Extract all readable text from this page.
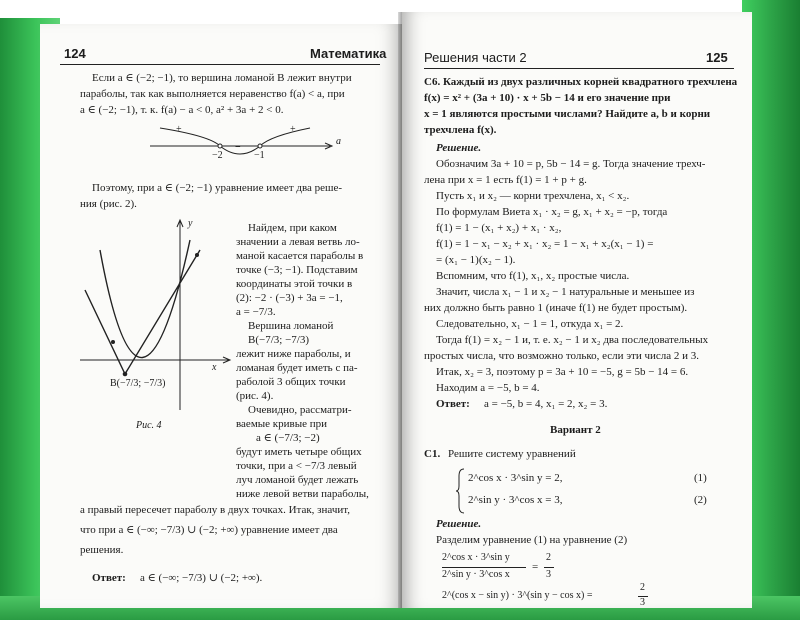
124	Математика
Если a ∈ (−2; −1), то вершина ломаной B лежит внутри
параболы, так как выполняется неравенство f(a) < a, при
a ∈ (−2; −1), т. к. f(a) − a < 0, a² + 3a + 2 < 0.
+	+
−
−2	−1
a
Поэтому, при a ∈ (−2; −1) уравнение имеет два реше-
ния (рис. 2).
y
x
B(−7/3; −7/3)
Рис. 4
Найдем, при каком
значении a левая ветвь ло-
маной касается параболы в
точке (−3; −1). Подставим
координаты этой точки в
(2): −2 · (−3) + 3a = −1,
a = −7/3.
Вершина ломаной
B(−7/3; −7/3)
лежит ниже параболы, и
ломаная будет иметь с па-
раболой 3 общих точки
(рис. 4).
Очевидно, рассматри-
ваемые кривые при
a ∈ (−7/3; −2)
будут иметь четыре общих
точки, при a < −7/3 левый
луч ломаной будет лежать
ниже левой ветви параболы,
а правый пересечет параболу в двух точках. Итак, значит,
что при a ∈ (−∞; −7/3) ∪ (−2; +∞) уравнение имеет два
решения.
Ответ: a ∈ (−∞; −7/3) ∪ (−2; +∞).
Решения части 2	125
С6. Каждый из двух различных корней квадратного трехчлена
f(x) = x² + (3a + 10) · x + 5b − 14 и его значение при
x = 1 являются простыми числами? Найдите a, b и корни
трехчлена f(x).
Решение.
Обозначим 3a + 10 = p, 5b − 14 = g. Тогда значение трехч-
лена при x = 1 есть f(1) = 1 + p + g.
Пусть x₁ и x₂ — корни трехчлена, x₁ < x₂.
По формулам Виета x₁ · x₂ = g, x₁ + x₂ = −p, тогда
f(1) = 1 − (x₁ + x₂) + x₁ · x₂,
f(1) = 1 − x₁ − x₂ + x₁ · x₂ = 1 − x₁ + x₂(x₁ − 1) =
= (x₁ − 1)(x₂ − 1).
Вспомним, что f(1), x₁, x₂ простые числа.
Значит, числа x₁ − 1 и x₂ − 1 натуральные и меньшее из
них должно быть равно 1 (иначе f(1) не будет простым).
Следовательно, x₁ − 1 = 1, откуда x₁ = 2.
Тогда f(1) = x₂ − 1 и, т. е. x₂ − 1 и x₂ два последовательных
простых числа, что возможно только, если эти числа 2 и 3.
Итак, x₂ = 3, поэтому p = 3a + 10 = −5, g = 5b − 14 = 6.
Находим a = −5, b = 4.
Ответ: a = −5, b = 4, x₁ = 2, x₂ = 3.
Вариант 2
С1. Решите систему уравнений
2^cos x · 3^sin y = 2,	(1)
2^sin y · 3^cos x = 3,	(2)
Решение.
Разделим уравнение (1) на уравнение (2)
2^cos x · 3^sin y
2^sin y · 3^cos x
=
2
3
2^(cos x − sin y) · 3^(sin y − cos x) =
2
3
